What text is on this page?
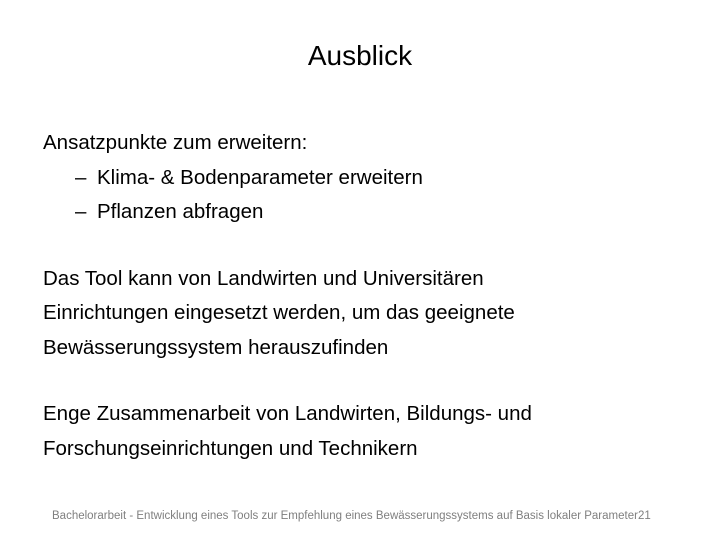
Ausblick
Ansatzpunkte zum erweitern:
– Klima- & Bodenparameter erweitern
– Pflanzen abfragen
Das Tool kann von Landwirten und Universitären
Einrichtungen eingesetzt werden, um das geeignete
Bewässerungssystem herauszufinden
Enge Zusammenarbeit von Landwirten, Bildungs- und
Forschungseinrichtungen und Technikern
Bachelorarbeit - Entwicklung eines Tools zur Empfehlung eines Bewässerungssystems auf Basis lokaler Parameter21
